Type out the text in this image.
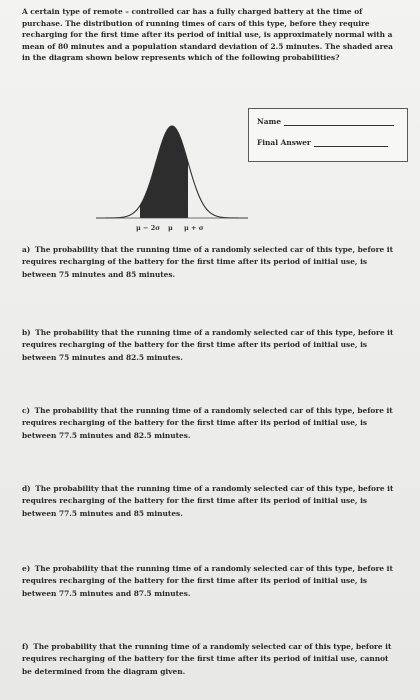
A certain type of remote – controlled car has a fully charged battery at the time of purchase. The distribution of running times of cars of this type, before they require recharging for the first time after its period of initial use, is approximately normal with a mean of 80 minutes and a population standard deviation of 2.5 minutes. The shaded area in the diagram shown below represents which of the following probabilities?
μ − 2σ μ μ + σ
Name
Final Answer
a) The probability that the running time of a randomly selected car of this type, before it requires recharging of the battery for the first time after its period of initial use, is between 75 minutes and 85 minutes.
b) The probability that the running time of a randomly selected car of this type, before it requires recharging of the battery for the first time after its period of initial use, is between 75 minutes and 82.5 minutes.
c) The probability that the running time of a randomly selected car of this type, before it requires recharging of the battery for the first time after its period of initial use, is between 77.5 minutes and 82.5 minutes.
d) The probability that the running time of a randomly selected car of this type, before it requires recharging of the battery for the first time after its period of initial use, is between 77.5 minutes and 85 minutes.
e) The probability that the running time of a randomly selected car of this type, before it requires recharging of the battery for the first time after its period of initial use, is between 77.5 minutes and 87.5 minutes.
f) The probability that the running time of a randomly selected car of this type, before it requires recharging of the battery for the first time after its period of initial use, cannot be determined from the diagram given.
